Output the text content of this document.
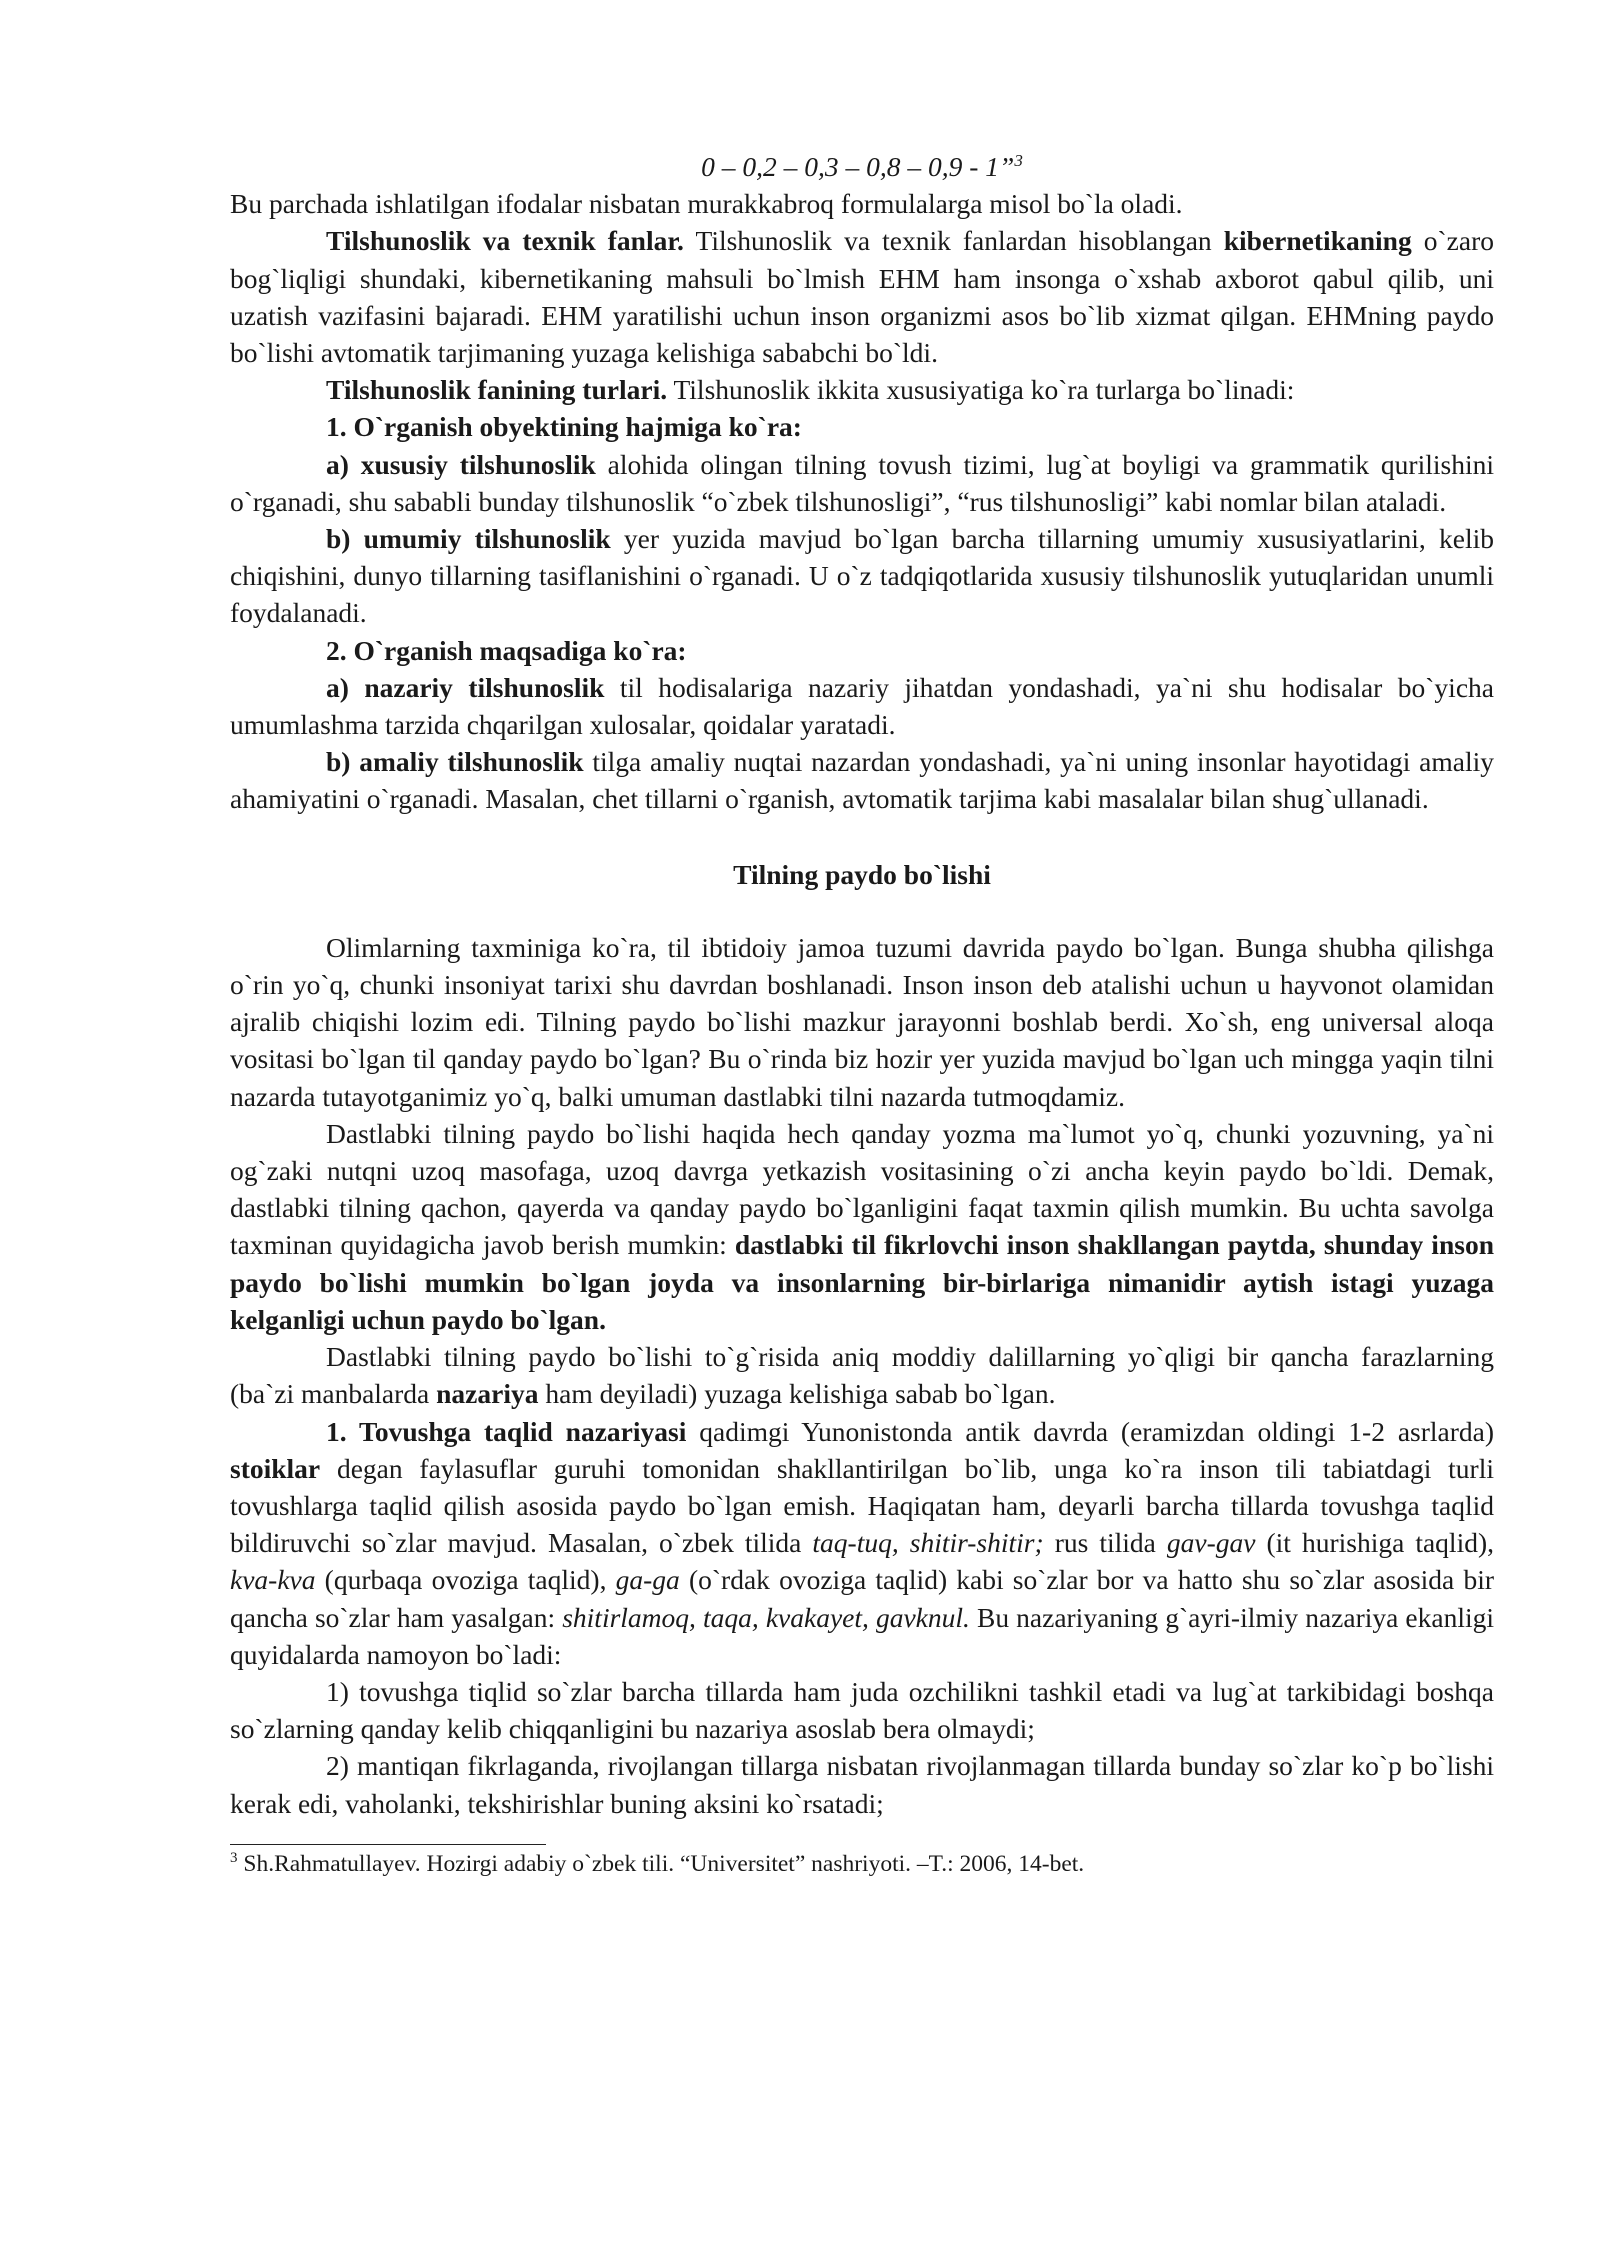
0 – 0,2 – 0,3 – 0,8 – 0,9 - 1”$^3$

Bu parchada ishlatilgan ifodalar nisbatan murakkabroq formulalarga misol bo`la oladi.

Tilshunoslik va texnik fanlar. Tilshunoslik va texnik fanlardan hisoblangan kibernetikaning o`zaro bog`liqligi shundaki, kibernetikaning mahsuli bo`lmish EHM ham insonga o`xshab axborot qabul qilib, uni uzatish vazifasini bajaradi. EHM yaratilishi uchun inson organizmi asos bo`lib xizmat qilgan. EHMning paydo bo`lishi avtomatik tarjimaning yuzaga kelishiga sababchi bo`ldi.

Tilshunoslik fanining turlari. Tilshunoslik ikkita xususiyatiga ko`ra turlarga bo`linadi:

1. O`rganish obyektining hajmiga ko`ra:

a) xususiy tilshunoslik alohida olingan tilning tovush tizimi, lug`at boyligi va grammatik qurilishini o`rganadi, shu sababli bunday tilshunoslik “o`zbek tilshunosligi”, “rus tilshunosligi” kabi nomlar bilan ataladi.

b) umumiy tilshunoslik yer yuzida mavjud bo`lgan barcha tillarning umumiy xususiyatlarini, kelib chiqishini, dunyo tillarning tasiflanishini o`rganadi. U o`z tadqiqotlarida xususiy tilshunoslik yutuqlaridan unumli foydalanadi.

2. O`rganish maqsadiga ko`ra:

a) nazariy tilshunoslik til hodisalariga nazariy jihatdan yondashadi, ya`ni shu hodisalar bo`yicha umumlashma tarzida chqarilgan xulosalar, qoidalar yaratadi.

b) amaliy tilshunoslik tilga amaliy nuqtai nazardan yondashadi, ya`ni uning insonlar hayotidagi amaliy ahamiyatini o`rganadi. Masalan, chet tillarni o`rganish, avtomatik tarjima kabi masalalar bilan shug`ullanadi.

Tilning paydo bo`lishi

Olimlarning taxminiga ko`ra, til ibtidoiy jamoa tuzumi davrida paydo bo`lgan. Bunga shubha qilishga o`rin yo`q, chunki insoniyat tarixi shu davrdan boshlanadi. Inson inson deb atalishi uchun u hayvonot olamidan ajralib chiqishi lozim edi. Tilning paydo bo`lishi mazkur jarayonni boshlab berdi. Xo`sh, eng universal aloqa vositasi bo`lgan til qanday paydo bo`lgan? Bu o`rinda biz hozir yer yuzida mavjud bo`lgan uch mingga yaqin tilni nazarda tutayotganimiz yo`q, balki umuman dastlabki tilni nazarda tutmoqdamiz.

Dastlabki tilning paydo bo`lishi haqida hech qanday yozma ma`lumot yo`q, chunki yozuvning, ya`ni og`zaki nutqni uzoq masofaga, uzoq davrga yetkazish vositasining o`zi ancha keyin paydo bo`ldi. Demak, dastlabki tilning qachon, qayerda va qanday paydo bo`lganligini faqat taxmin qilish mumkin. Bu uchta savolga taxminan quyidagicha javob berish mumkin: dastlabki til fikrlovchi inson shakllangan paytda, shunday inson paydo bo`lishi mumkin bo`lgan joyda va insonlarning bir-birlariga nimanidir aytish istagi yuzaga kelganligi uchun paydo bo`lgan.

Dastlabki tilning paydo bo`lishi to`g`risida aniq moddiy dalillarning yo`qligi bir qancha farazlarning (ba`zi manbalarda nazariya ham deyiladi) yuzaga kelishiga sabab bo`lgan.

1. Tovushga taqlid nazariyasi qadimgi Yunonistonda antik davrda (eramizdan oldingi 1-2 asrlarda) stoiklar degan faylasuflar guruhi tomonidan shakllantirilgan bo`lib, unga ko`ra inson tili tabiatdagi turli tovushlarga taqlid qilish asosida paydo bo`lgan emish. Haqiqatan ham, deyarli barcha tillarda tovushga taqlid bildiruvchi so`zlar mavjud. Masalan, o`zbek tilida taq-tuq, shitir-shitir; rus tilida gav-gav (it hurishiga taqlid), kva-kva (qurbaqa ovoziga taqlid), ga-ga (o`rdak ovoziga taqlid) kabi so`zlar bor va hatto shu so`zlar asosida bir qancha so`zlar ham yasalgan: shitirlamoq, taqa, kvakayet, gavknul. Bu nazariyaning g`ayri-ilmiy nazariya ekanligi quyidalarda namoyon bo`ladi:

1) tovushga tiqlid so`zlar barcha tillarda ham juda ozchilikni tashkil etadi va lug`at tarkibidagi boshqa so`zlarning qanday kelib chiqqanligini bu nazariya asoslab bera olmaydi;

2) mantiqan fikrlaganda, rivojlangan tillarga nisbatan rivojlanmagan tillarda bunday so`zlar ko`p bo`lishi kerak edi, vaholanki, tekshirishlar buning aksini ko`rsatadi;

$^3$ Sh.Rahmatullayev. Hozirgi adabiy o`zbek tili. “Universitet” nashriyoti. –T.: 2006, 14-bet.
